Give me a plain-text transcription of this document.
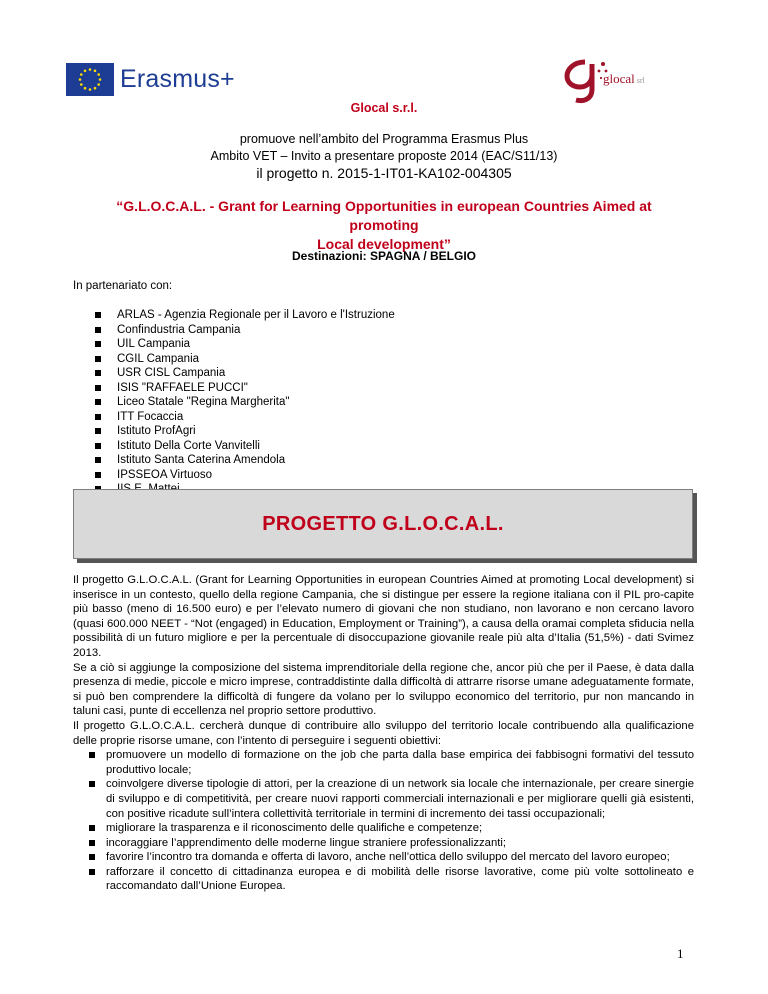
Erasmus+	glocal srl
Glocal s.r.l.
promuove nell’ambito del Programma Erasmus Plus
Ambito VET – Invito a presentare proposte 2014 (EAC/S11/13)
il progetto n. 2015-1-IT01-KA102-004305
“G.L.O.C.A.L. - Grant for Learning Opportunities in european Countries Aimed at promoting
Local development”
Destinazioni: SPAGNA / BELGIO
In partenariato con:
ARLAS - Agenzia Regionale per il Lavoro e l'Istruzione
Confindustria Campania
UIL Campania
CGIL Campania
USR CISL Campania
ISIS "RAFFAELE PUCCI"
Liceo Statale "Regina Margherita"
ITT Focaccia
Istituto ProfAgri
Istituto Della Corte Vanvitelli
Istituto Santa Caterina Amendola
IPSSEOA Virtuoso
PROGETTO G.L.O.C.A.L.

Il progetto G.L.O.C.A.L. (Grant for Learning Opportunities in european Countries Aimed at promoting Local development) si inserisce in un contesto, quello della regione Campania, che si distingue per essere la regione italiana con il PIL pro-capite più basso (meno di 16.500 euro) e per l’elevato numero di giovani che non studiano, non lavorano e non cercano lavoro (quasi 600.000 NEET - “Not (engaged) in Education, Employment or Training”), a causa della oramai completa sfiducia nella possibilità di un futuro migliore e per la percentuale di disoccupazione giovanile reale più alta d’Italia (51,5%) - dati Svimez 2013.

Se a ciò si aggiunge la composizione del sistema imprenditoriale della regione che, ancor più che per il Paese, è data dalla presenza di medie, piccole e micro imprese, contraddistinte dalla difficoltà di attrarre risorse umane adeguatamente formate, si può ben comprendere la difficoltà di fungere da volano per lo sviluppo economico del territorio, pur non mancando in taluni casi, punte di eccellenza nel proprio settore produttivo.

Il progetto G.L.O.C.A.L. cercherà dunque di contribuire allo sviluppo del territorio locale contribuendo alla qualificazione delle proprie risorse umane, con l’intento di perseguire i seguenti obiettivi:

promuovere un modello di formazione on the job che parta dalla base empirica dei fabbisogni formativi del tessuto produttivo locale;
coinvolgere diverse tipologie di attori, per la creazione di un network sia locale che internazionale, per creare sinergie di sviluppo e di competitività, per creare nuovi rapporti commerciali internazionali e per migliorare quelli già esistenti, con positive ricadute sull’intera collettività territoriale in termini di incremento dei tassi occupazionali;
migliorare la trasparenza e il riconoscimento delle qualifiche e competenze;
incoraggiare l’apprendimento delle moderne lingue straniere professionalizzanti;
favorire l’incontro tra domanda e offerta di lavoro, anche nell’ottica dello sviluppo del mercato del lavoro europeo;
rafforzare il concetto di cittadinanza europea e di mobilità delle risorse lavorative, come più volte sottolineato e raccomandato dall’Unione Europea.
1
